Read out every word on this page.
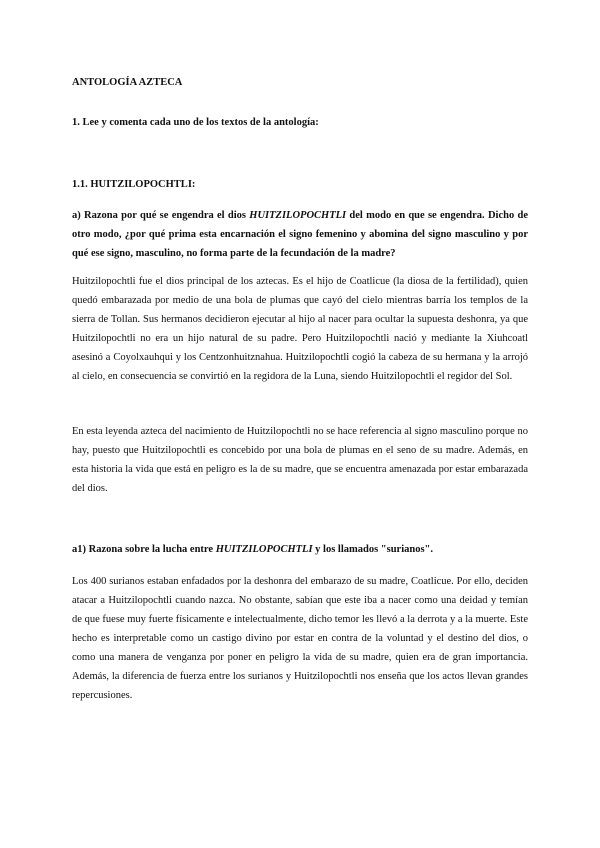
ANTOLOGÍA AZTECA

1. Lee y comenta cada uno de los textos de la antología:

1.1. HUITZILOPOCHTLI:

a) Razona por qué se engendra el dios HUITZILOPOCHTLI del modo en que se engendra. Dicho de otro modo, ¿por qué prima esta encarnación el signo femenino y abomina del signo masculino y por qué ese signo, masculino, no forma parte de la fecundación de la madre?

Huitzilopochtli fue el dios principal de los aztecas. Es el hijo de Coatlicue (la diosa de la fertilidad), quien quedó embarazada por medio de una bola de plumas que cayó del cielo mientras barría los templos de la sierra de Tollan. Sus hermanos decidieron ejecutar al hijo al nacer para ocultar la supuesta deshonra, ya que Huitzilopochtli no era un hijo natural de su padre. Pero Huitzilopochtli nació y mediante la Xiuhcoatl asesinó a Coyolxauhqui y los Centzonhuitznahua. Huitzilopochtli cogió la cabeza de su hermana y la arrojó al cielo, en consecuencia se convirtió en la regidora de la Luna, siendo Huitzilopochtli el regidor del Sol.

En esta leyenda azteca del nacimiento de Huitzilopochtli no se hace referencia al signo masculino porque no hay, puesto que Huitzilopochtli es concebido por una bola de plumas en el seno de su madre. Además, en esta historia la vida que está en peligro es la de su madre, que se encuentra amenazada por estar embarazada del dios.

a1) Razona sobre la lucha entre HUITZILOPOCHTLI y los llamados "surianos".

Los 400 surianos estaban enfadados por la deshonra del embarazo de su madre, Coatlicue. Por ello, deciden atacar a Huitzilopochtli cuando nazca. No obstante, sabían que este iba a nacer como una deidad y temían de que fuese muy fuerte físicamente e intelectualmente, dicho temor les llevó a la derrota y a la muerte. Este hecho es interpretable como un castigo divino por estar en contra de la voluntad y el destino del dios, o como una manera de venganza por poner en peligro la vida de su madre, quien era de gran importancia. Además, la diferencia de fuerza entre los surianos y Huitzilopochtli nos enseña que los actos llevan grandes repercusiones.
